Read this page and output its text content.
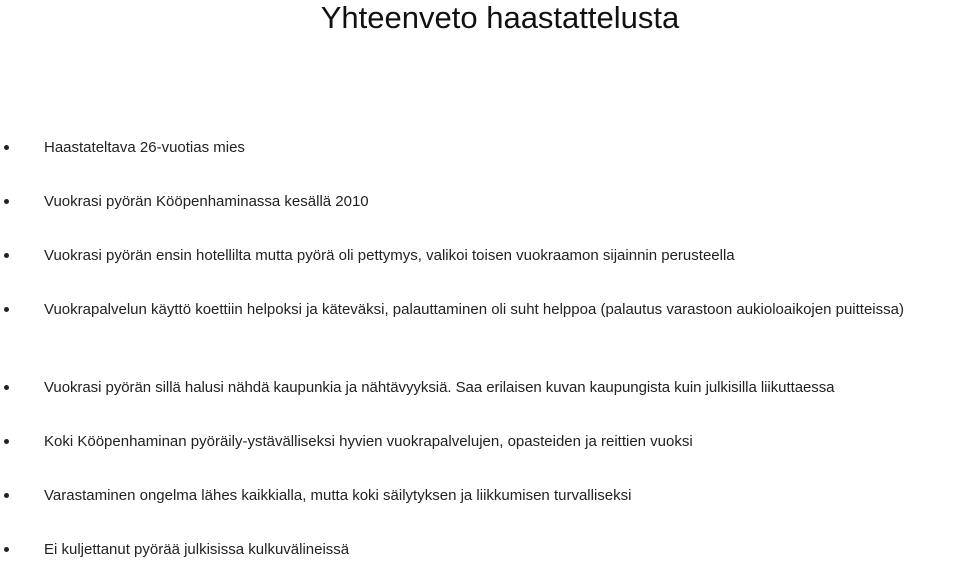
Yhteenveto haastattelusta
Haastateltava 26-vuotias mies
Vuokrasi pyörän Kööpenhaminassa kesällä 2010
Vuokrasi pyörän ensin hotellilta mutta pyörä oli pettymys, valikoi toisen vuokraamon sijainnin perusteella
Vuokrapalvelun käyttö koettiin helpoksi ja käteväksi, palauttaminen oli suht helppoa (palautus varastoon aukioloaikojen puitteissa)
Vuokrasi pyörän sillä halusi nähdä kaupunkia ja nähtävyyksiä. Saa erilaisen kuvan kaupungista kuin julkisilla liikuttaessa
Koki Kööpenhaminan pyöräily-ystävälliseksi hyvien vuokrapalvelujen, opasteiden ja reittien vuoksi
Varastaminen ongelma lähes kaikkialla, mutta koki säilytyksen ja liikkumisen turvalliseksi
Ei kuljettanut pyörää julkisissa kulkuvälineissä
